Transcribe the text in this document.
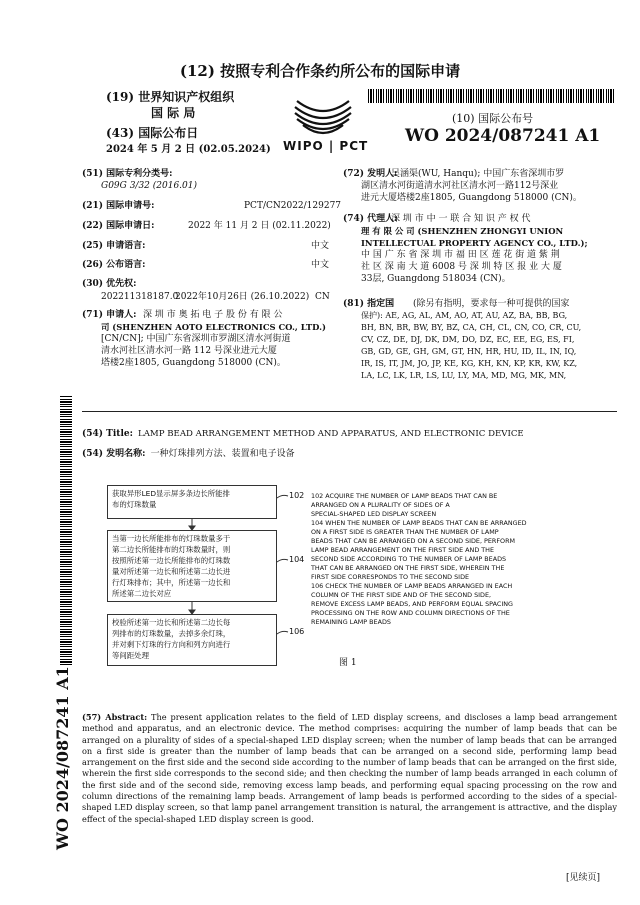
(12) 按照专利合作条约所公布的国际申请
(19) 世界知识产权组织
国 际 局
(43) 国际公布日
2024 年 5 月 2 日 (02.05.2024) WIPO | PCT
(10) 国际公布号
WO 2024/087241 A1
(51) 国际专利分类号:
G09G 3/32 (2016.01)
(21) 国际申请号:	PCT/CN2022/129277
(22) 国际申请日:	2022 年 11 月 2 日 (02.11.2022)
(25) 申请语言:	中文
(26) 公布语言:	中文
(30) 优先权:
202211318187.0
2022年10月26日 (26.10.2022) CN
(71) 申请人: 深 圳 市 奥 拓 电 子 股 份 有 限 公
司 (SHENZHEN AOTO ELECTRONICS CO., LTD.)
[CN/CN]; 中国广东省深圳市罗湖区清水河街道
清水河社区清水河一路 112 号深业进元大厦
塔楼2座1805, Guangdong 518000 (CN)。
(72) 发明人:
吴涵渠(WU, Hanqu); 中国广东省深圳市罗
湖区清水河街道清水河社区清水河一路112号深业
进元大厦塔楼2座1805, Guangdong 518000 (CN)。
(74) 代理人:
深 圳 市 中 一 联 合 知 识 产 权 代
理 有 限 公 司 (SHENZHEN ZHONGYI UNION
INTELLECTUAL PROPERTY AGENCY CO., LTD.);
中 国 广 东 省 深 圳 市 福 田 区 莲 花 街 道 紫 荆
社 区 深 南 大 道 6008 号 深 圳 特 区 报 业 大 厦
33层, Guangdong 518034 (CN)。
(81) 指定国	(除另有指明，要求每一种可提供的国家
保护): AE, AG, AL, AM, AO, AT, AU, AZ, BA, BB, BG,
BH, BN, BR, BW, BY, BZ, CA, CH, CL, CN, CO, CR, CU,
CV, CZ, DE, DJ, DK, DM, DO, DZ, EC, EE, EG, ES, FI,
GB, GD, GE, GH, GM, GT, HN, HR, HU, ID, IL, IN, IQ,
IR, IS, IT, JM, JO, JP, KE, KG, KH, KN, KP, KR, KW, KZ,
LA, LC, LK, LR, LS, LU, LY, MA, MD, MG, MK, MN,
(54) Title: LAMP BEAD ARRANGEMENT METHOD AND APPARATUS, AND ELECTRONIC DEVICE
(54) 发明名称: 一种灯珠排列方法、装置和电子设备
获取异形LED显示屏多条边长所能排
布的灯珠数量
当第一边长所能排布的灯珠数量多于
第二边长所能排布的灯珠数量时，则
按照所述第一边长所能排布的灯珠数
量对所述第一边长和所述第二边长进
行灯珠排布；其中，所述第一边长和
所述第二边长对应
校验所述第一边长和所述第二边长每
列排布的灯珠数量，去掉多余灯珠，
并对剩下灯珠的行方向和列方向进行
等间距处理
102
104
106
102 ACQUIRE THE NUMBER OF LAMP BEADS THAT CAN BE
ARRANGED ON A PLURALITY OF SIDES OF A
SPECIAL-SHAPED LED DISPLAY SCREEN
104 WHEN THE NUMBER OF LAMP BEADS THAT CAN BE ARRANGED
ON A FIRST SIDE IS GREATER THAN THE NUMBER OF LAMP
BEADS THAT CAN BE ARRANGED ON A SECOND SIDE, PERFORM
LAMP BEAD ARRANGEMENT ON THE FIRST SIDE AND THE
SECOND SIDE ACCORDING TO THE NUMBER OF LAMP BEADS
THAT CAN BE ARRANGED ON THE FIRST SIDE, WHEREIN THE
FIRST SIDE CORRESPONDS TO THE SECOND SIDE
106 CHECK THE NUMBER OF LAMP BEADS ARRANGED IN EACH
COLUMN OF THE FIRST SIDE AND OF THE SECOND SIDE,
REMOVE EXCESS LAMP BEADS, AND PERFORM EQUAL SPACING
PROCESSING ON THE ROW AND COLUMN DIRECTIONS OF THE
REMAINING LAMP BEADS
图 1
(57) Abstract: The present application relates to the field of LED display screens, and discloses a lamp bead arrangement method and apparatus, and an electronic device. The method comprises: acquiring the number of lamp beads that can be arranged on a plurality of sides of a special-shaped LED display screen; when the number of lamp beads that can be arranged on a first side is greater than the number of lamp beads that can be arranged on a second side, performing lamp bead arrangement on the first side and the second side according to the number of lamp beads that can be arranged on the first side, wherein the first side corresponds to the second side; and then checking the number of lamp beads arranged in each column of the first side and of the second side, removing excess lamp beads, and performing equal spacing processing on the row and column directions of the remaining lamp beads. Arrangement of lamp beads is performed according to the sides of a special-shaped LED display screen, so that lamp panel arrangement transition is natural, the arrangement is attractive, and the display effect of the special-shaped LED display screen is good.
WO 2024/087241 A1
[见续页]
